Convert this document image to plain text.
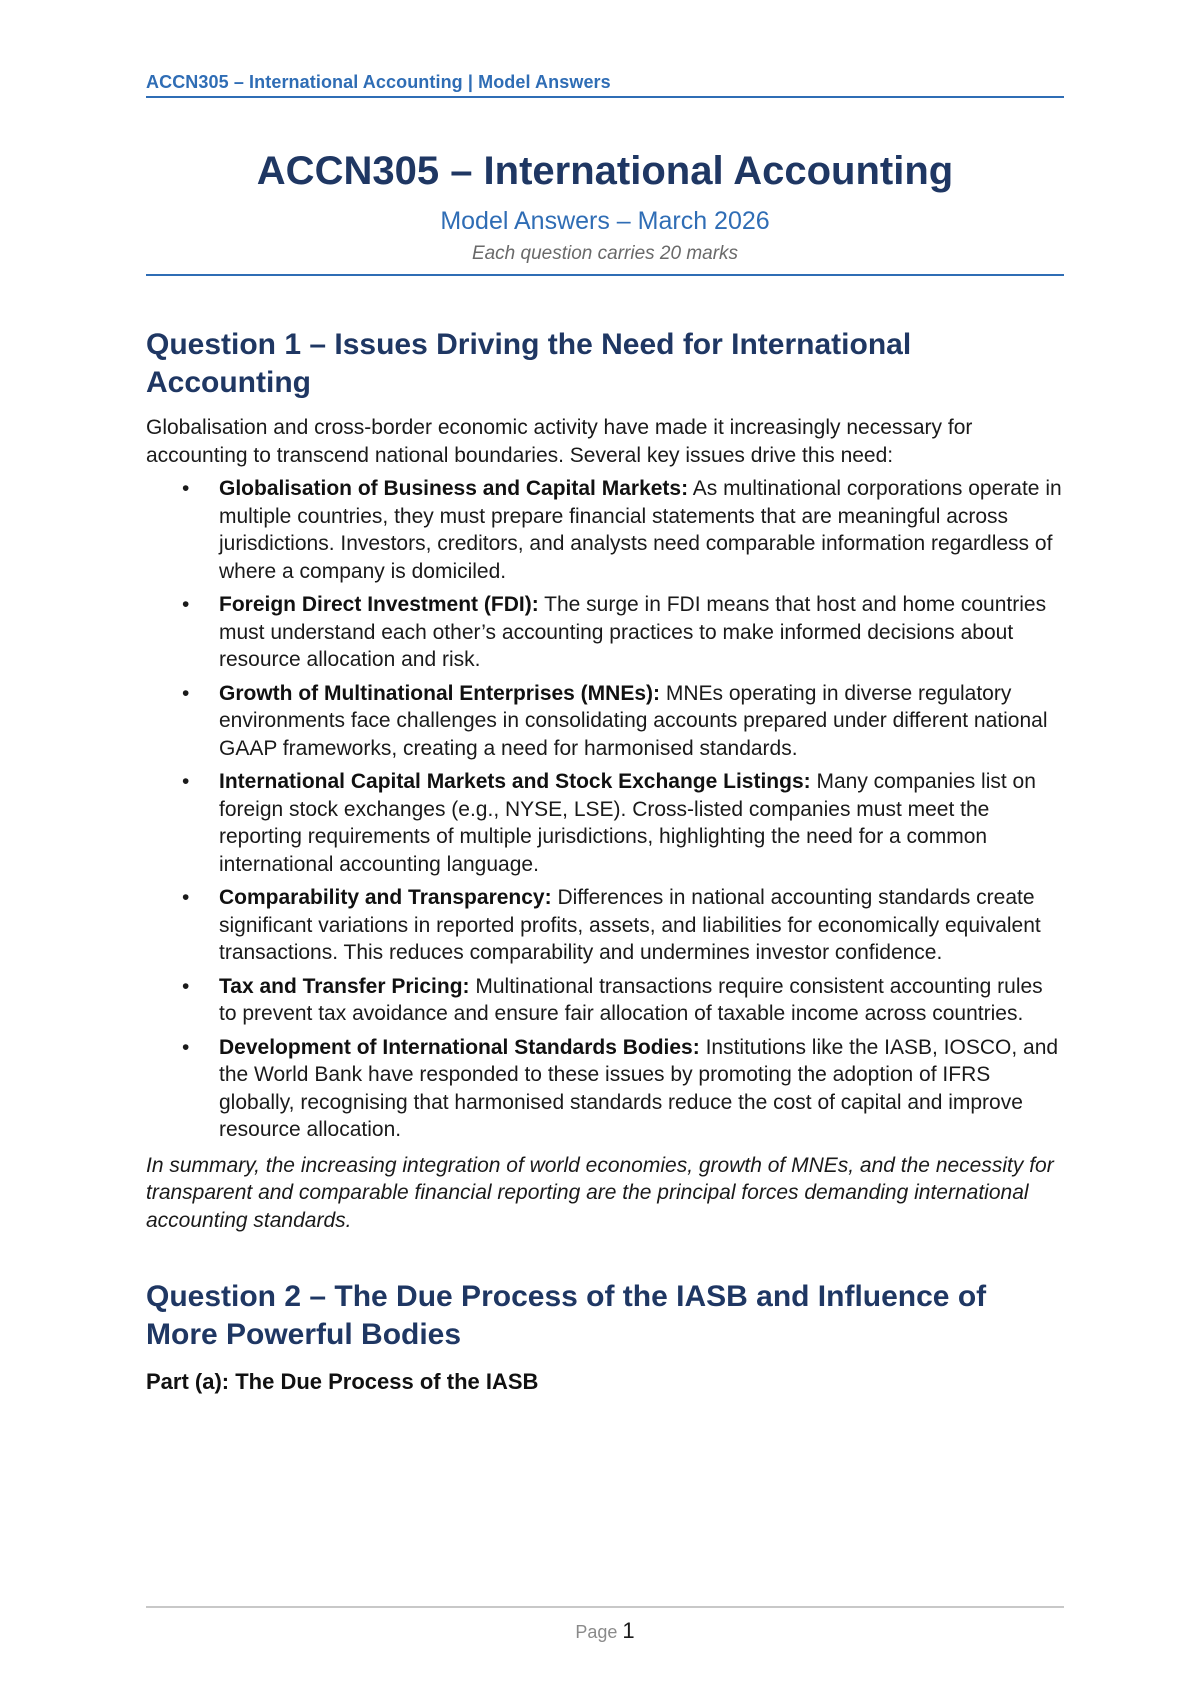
ACCN305 – International Accounting | Model Answers
ACCN305 – International Accounting
Model Answers – March 2026
Each question carries 20 marks
Question 1 – Issues Driving the Need for International Accounting

Globalisation and cross-border economic activity have made it increasingly necessary for accounting to transcend national boundaries. Several key issues drive this need:

• Globalisation of Business and Capital Markets: As multinational corporations operate in multiple countries, they must prepare financial statements that are meaningful across jurisdictions. Investors, creditors, and analysts need comparable information regardless of where a company is domiciled.
• Foreign Direct Investment (FDI): The surge in FDI means that host and home countries must understand each other’s accounting practices to make informed decisions about resource allocation and risk.
• Growth of Multinational Enterprises (MNEs): MNEs operating in diverse regulatory environments face challenges in consolidating accounts prepared under different national GAAP frameworks, creating a need for harmonised standards.
• International Capital Markets and Stock Exchange Listings: Many companies list on foreign stock exchanges (e.g., NYSE, LSE). Cross-listed companies must meet the reporting requirements of multiple jurisdictions, highlighting the need for a common international accounting language.
• Comparability and Transparency: Differences in national accounting standards create significant variations in reported profits, assets, and liabilities for economically equivalent transactions. This reduces comparability and undermines investor confidence.
• Tax and Transfer Pricing: Multinational transactions require consistent accounting rules to prevent tax avoidance and ensure fair allocation of taxable income across countries.
• Development of International Standards Bodies: Institutions like the IASB, IOSCO, and the World Bank have responded to these issues by promoting the adoption of IFRS globally, recognising that harmonised standards reduce the cost of capital and improve resource allocation.

In summary, the increasing integration of world economies, growth of MNEs, and the necessity for transparent and comparable financial reporting are the principal forces demanding international accounting standards.

Question 2 – The Due Process of the IASB and Influence of More Powerful Bodies
Part (a): The Due Process of the IASB
Page 1
